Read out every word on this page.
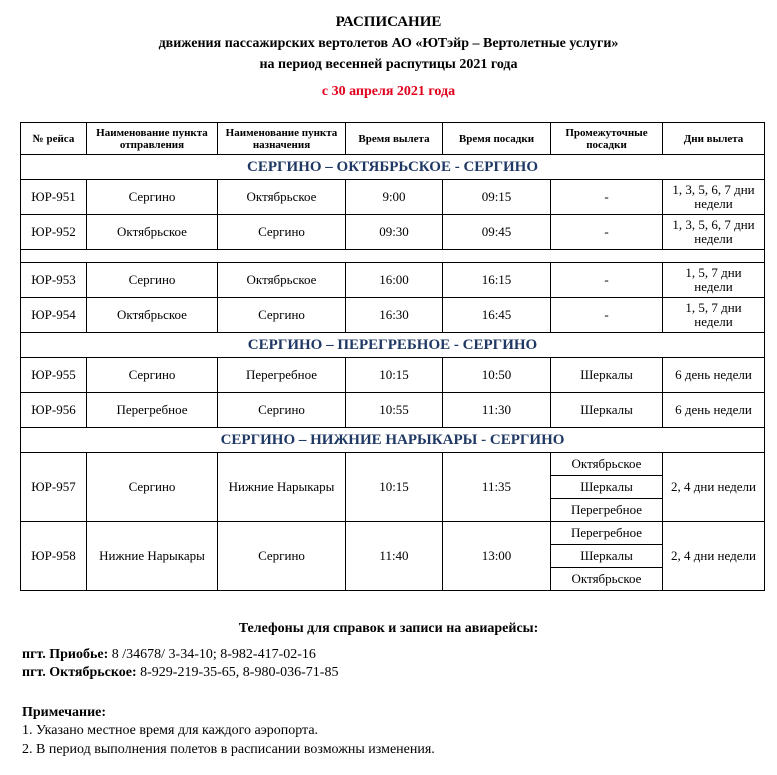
РАСПИСАНИЕ
движения пассажирских вертолетов АО «ЮТэйр – Вертолетные услуги»
на период весенней распутицы 2021 года
с 30 апреля 2021 года
№ рейса	Наименование пункта отправления	Наименование пункта назначения	Время вылета	Время посадки	Промежуточные посадки	Дни вылета
СЕРГИНО – ОКТЯБРЬСКОЕ - СЕРГИНО						
ЮР-951	Сергино	Октябрьское	9:00	09:15	-	1, 3, 5, 6, 7 дни недели
ЮР-952	Октябрьское	Сергино	09:30	09:45	-	1, 3, 5, 6, 7 дни недели

ЮР-953	Сергино	Октябрьское	16:00	16:15	-	1, 5, 7 дни недели
ЮР-954	Октябрьское	Сергино	16:30	16:45	-	1, 5, 7 дни недели
СЕРГИНО – ПЕРЕГРЕБНОЕ - СЕРГИНО						
ЮР-955	Сергино	Перегребное	10:15	10:50	Шеркалы	6 день недели
ЮР-956	Перегребное	Сергино	10:55	11:30	Шеркалы	6 день недели
СЕРГИНО – НИЖНИЕ НАРЫКАРЫ - СЕРГИНО						
ЮР-957	Сергино	Нижние Нарыкары	10:15	11:35	Октябрьское	2, 4 дни недели
					Шеркалы	
					Перегребное	
ЮР-958	Нижние Нарыкары	Сергино	11:40	13:00	Перегребное	2, 4 дни недели
					Шеркалы	
					Октябрьское	
Телефоны для справок и записи на авиарейсы:
пгт. Приобье: 8 /34678/ 3-34-10; 8-982-417-02-16
пгт. Октябрьское: 8-929-219-35-65, 8-980-036-71-85
Примечание:
1. Указано местное время для каждого аэропорта.
2. В период выполнения полетов в расписании возможны изменения.
